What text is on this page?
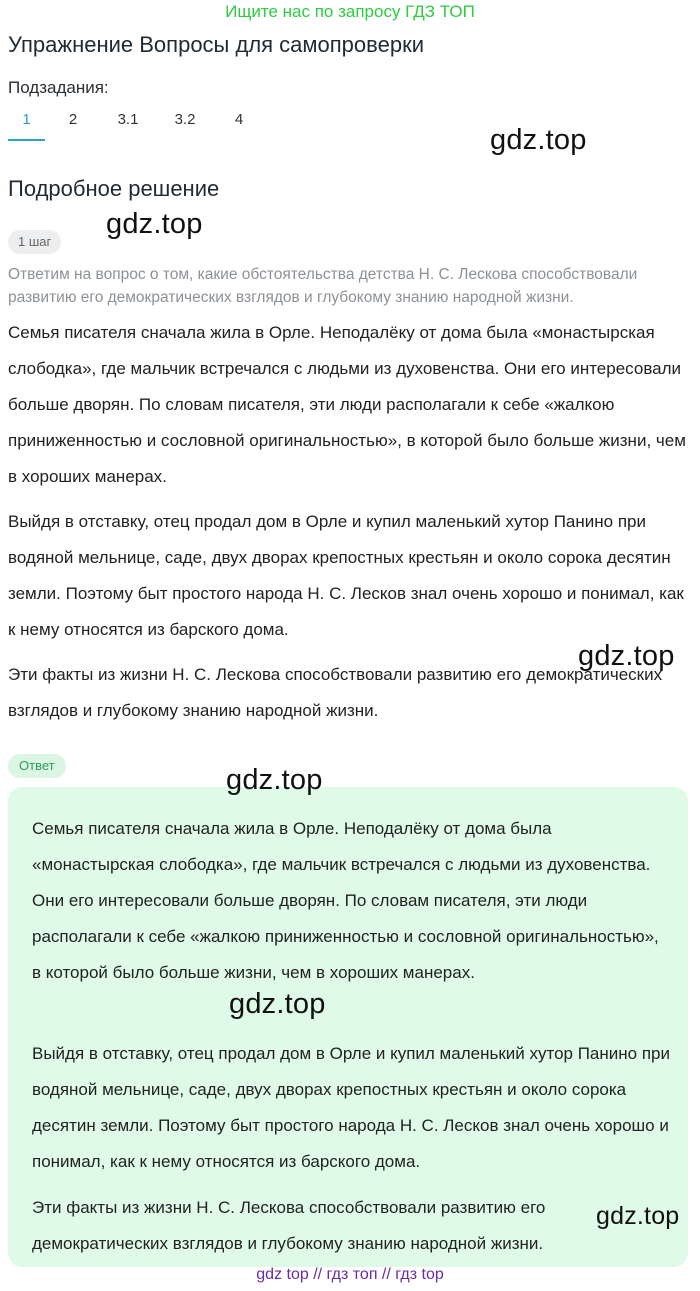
Ищите нас по запросу ГДЗ ТОП
Упражнение Вопросы для самопроверки
Подзадания:
1	2	3.1	3.2	4
gdz.top
Подробное решение
gdz.top
1 шаг

Ответим на вопрос о том, какие обстоятельства детства Н. С. Лескова способствовали развитию его демократических взглядов и глубокому знанию народной жизни.

Семья писателя сначала жила в Орле. Неподалёку от дома была «монастырская слободка», где мальчик встречался с людьми из духовенства. Они его интересовали больше дворян. По словам писателя, эти люди располагали к себе «жалкою приниженностью и сословной оригинальностью», в которой было больше жизни, чем в хороших манерах.

Выйдя в отставку, отец продал дом в Орле и купил маленький хутор Панино при водяной мельнице, саде, двух дворах крепостных крестьян и около сорока десятин земли. Поэтому быт простого народа Н. С. Лесков знал очень хорошо и понимал, как к нему относятся из барского дома.

Эти факты из жизни Н. С. Лескова способствовали развитию его демократических взглядов и глубокому знанию народной жизни.

gdz.top
Ответ

Семья писателя сначала жила в Орле. Неподалёку от дома была «монастырская слободка», где мальчик встречался с людьми из духовенства. Они его интересовали больше дворян. По словам писателя, эти люди располагали к себе «жалкою приниженностью и сословной оригинальностью», в которой было больше жизни, чем в хороших манерах.

Выйдя в отставку, отец продал дом в Орле и купил маленький хутор Панино при водяной мельнице, саде, двух дворах крепостных крестьян и около сорока десятин земли. Поэтому быт простого народа Н. С. Лесков знал очень хорошо и понимал, как к нему относятся из барского дома.

Эти факты из жизни Н. С. Лескова способствовали развитию его демократических взглядов и глубокому знанию народной жизни.

gdz.top
gdz.top
gdz.top
gdz top // гдз топ // гдз top
